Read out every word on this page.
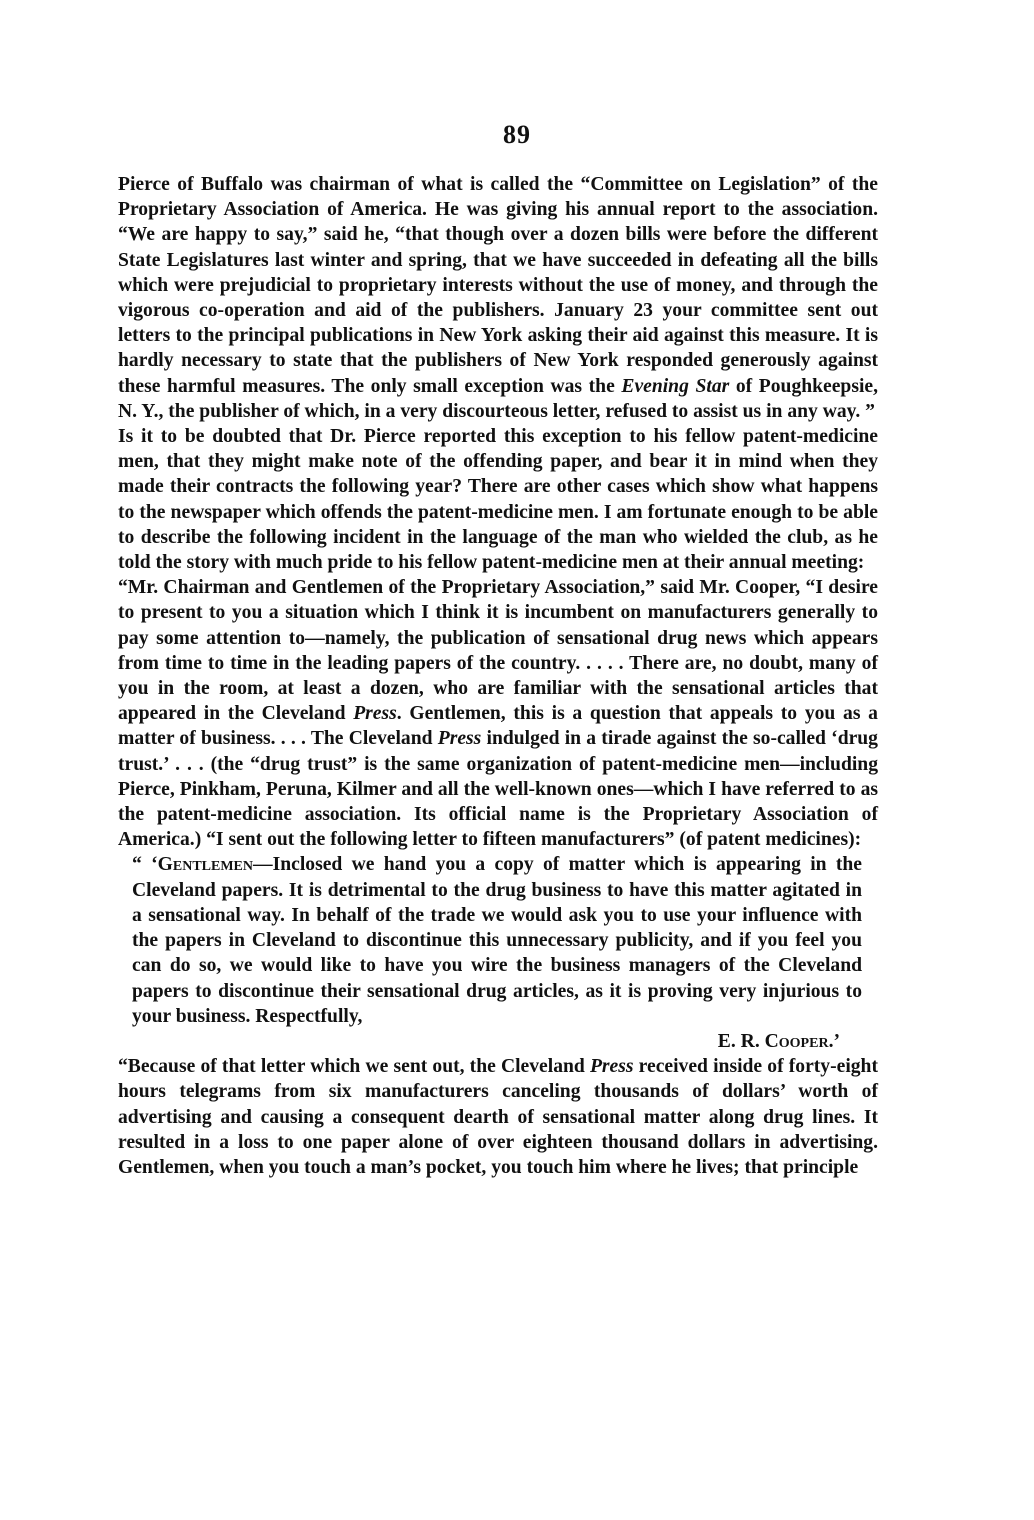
89

Pierce of Buffalo was chairman of what is called the “Committee on Legislation” of the Proprietary Association of America. He was giving his annual report to the association. “We are happy to say,” said he, “that though over a dozen bills were before the different State Legislatures last winter and spring, that we have succeeded in defeating all the bills which were prejudicial to proprietary interests without the use of money, and through the vigorous co-operation and aid of the publishers. January 23 your committee sent out letters to the principal publications in New York asking their aid against this measure. It is hardly necessary to state that the publishers of New York responded generously against these harmful measures. The only small exception was the Evening Star of Poughkeepsie, N. Y., the publisher of which, in a very discourteous letter, refused to assist us in any way. ”

Is it to be doubted that Dr. Pierce reported this exception to his fellow patent-medicine men, that they might make note of the offending paper, and bear it in mind when they made their contracts the following year? There are other cases which show what happens to the newspaper which offends the patent-medicine men. I am fortunate enough to be able to describe the following incident in the language of the man who wielded the club, as he told the story with much pride to his fellow patent-medicine men at their annual meeting:

“Mr. Chairman and Gentlemen of the Proprietary Association,” said Mr. Cooper, “I desire to present to you a situation which I think it is incumbent on manufacturers generally to pay some attention to—namely, the publication of sensational drug news which appears from time to time in the leading papers of the country. . . . . There are, no doubt, many of you in the room, at least a dozen, who are familiar with the sensational articles that appeared in the Cleveland Press. Gentlemen, this is a question that appeals to you as a matter of business. . . . The Cleveland Press indulged in a tirade against the so-called ‘drug trust.’ . . . (the “drug trust” is the same organization of patent-medicine men—including Pierce, Pinkham, Peruna, Kilmer and all the well-known ones—which I have referred to as the patent-medicine association. Its official name is the Proprietary Association of America.) “I sent out the following letter to fifteen manufacturers” (of patent medicines):

“ ‘Gentlemen—Inclosed we hand you a copy of matter which is appearing in the Cleveland papers. It is detrimental to the drug business to have this matter agitated in a sensational way. In behalf of the trade we would ask you to use your influence with the papers in Cleveland to discontinue this unnecessary publicity, and if you feel you can do so, we would like to have you wire the business managers of the Cleveland papers to discontinue their sensational drug articles, as it is proving very injurious to your business. Respectfully,

E. R. Cooper.’

“Because of that letter which we sent out, the Cleveland Press received inside of forty-eight hours telegrams from six manufacturers canceling thousands of dollars’ worth of advertising and causing a consequent dearth of sensational matter along drug lines. It resulted in a loss to one paper alone of over eighteen thousand dollars in advertising. Gentlemen, when you touch a man’s pocket, you touch him where he lives; that principle
